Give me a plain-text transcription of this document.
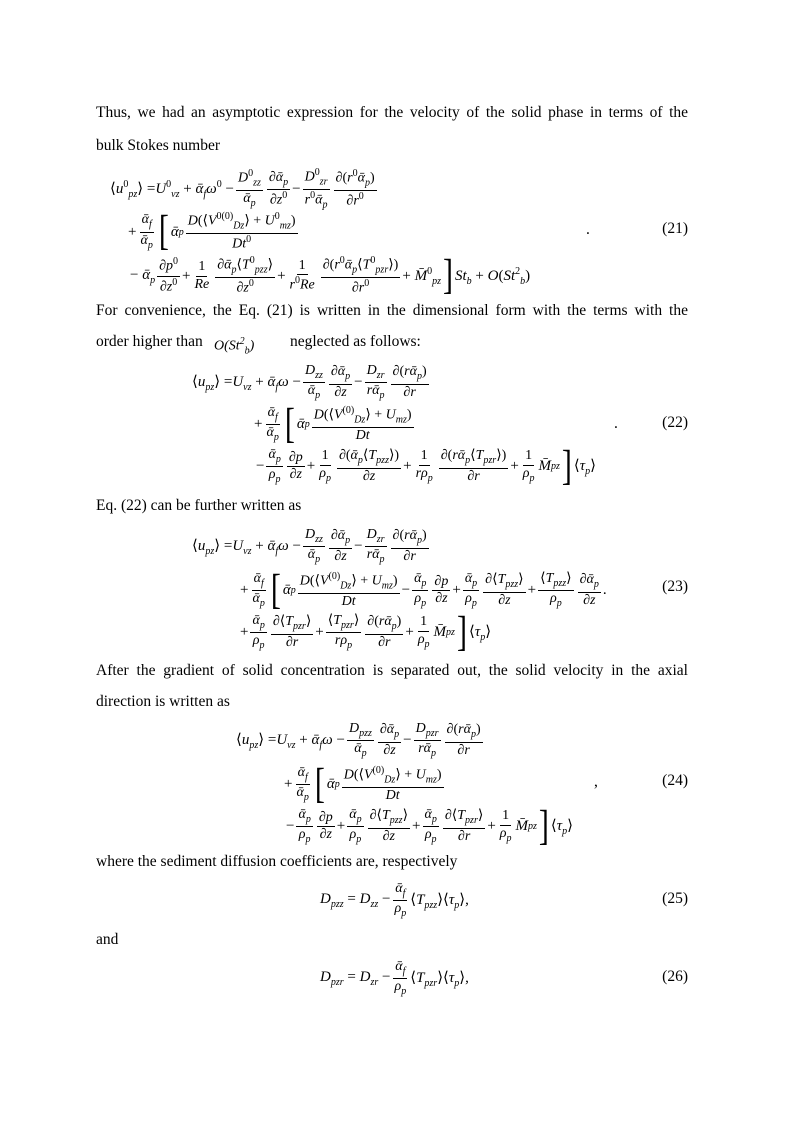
Thus, we had an asymptotic expression for the velocity of the solid phase in terms of the
bulk Stokes number
$⟨u^0_{pz}⟩ =U^0_{vz}$ + $ᾱ_f\omega^0 - \frac{D^0_{zz}}{ᾱ_p} \frac{\partial ᾱ_p}{\partial z^0} - \frac{D^0_{zr}}{r^0ᾱ_p} \frac{\partial(r^0ᾱ_p)}{\partial r^0}$
+ $\frac{ᾱ_f}{ᾱ_p}$ [ ᾱ p $\frac{D(⟨V^{0(0)}_{Dz}⟩ + U^0_{mz})}{Dt^0}$
− ᾱ$_p$ $\frac{\partial p^0}{\partial z^0} + \frac{1}{Re} \frac{\partial ᾱ_p⟨T^0_{pzz}⟩}{\partial z^0} + \frac{1}{r^0Re} \frac{\partial(r^0ᾱ_p⟨T^0_{pzr}⟩)}{\partial r^0}$ + M̄$^0_{pz}$ ] $St_b + O(St^2_b)$
.	(21)
For convenience, the Eq. (21) is written in the dimensional form with the terms with the
order higher than $O(St^2_b)$ neglected as follows:
$⟨u_{pz}⟩ =U_{vz}$ + ᾱ$_f$ω − $\frac{D_{zz}}{ᾱ_p} \frac{\partial ᾱ_p}{\partial z} - \frac{D_{zr}}{rᾱ_p} \frac{\partial(rᾱ_p)}{\partial r}$
+ $\frac{ᾱ_f}{ᾱ_p}$ [ ᾱ p $\frac{D(⟨V^{(0)}_{Dz}⟩ + U_{mz})}{Dt}$
− $\frac{ᾱ_p}{\rho_p} \frac{\partial p}{\partial z} + \frac{1}{\rho_p} \frac{\partial(ᾱ_p⟨T_{pzz}⟩)}{\partial z} + \frac{1}{r\rho_p} \frac{\partial(rᾱ_p⟨T_{pzr}⟩)}{\partial r} + \frac{1}{\rho_p}$ M̄ pz ] $⟨\tau_p⟩$
.	(22)
Eq. (22) can be further written as
$⟨u_{pz}⟩ =U_{vz}$ + ᾱ$_f$ω − $\frac{D_{zz}}{ᾱ_p} \frac{\partial ᾱ_p}{\partial z} - \frac{D_{zr}}{rᾱ_p} \frac{\partial(rᾱ_p)}{\partial r}$
+ $\frac{ᾱ_f}{ᾱ_p}$ [ ᾱ p $\frac{D(⟨V^{(0)}_{Dz}⟩ + U_{mz})}{Dt} - \frac{ᾱ_p}{\rho_p} \frac{\partial p}{\partial z} + \frac{ᾱ_p}{\rho_p} \frac{\partial⟨T_{pzz}⟩}{\partial z} + \frac{⟨T_{pzz}⟩}{\rho_p} \frac{\partial ᾱ_p}{\partial z}$ .
+ $\frac{ᾱ_p}{\rho_p} \frac{\partial⟨T_{pzr}⟩}{\partial r} + \frac{⟨T_{pzr}⟩}{r\rho_p} \frac{\partial(rᾱ_p)}{\partial r} + \frac{1}{\rho_p}$ M̄ pz ] $⟨\tau_p⟩$
(23)
After the gradient of solid concentration is separated out, the solid velocity in the axial
direction is written as
$⟨u_{pz}⟩ =U_{vz}$ + ᾱ$_f$ω − $\frac{D_{pzz}}{ᾱ_p} \frac{\partial ᾱ_p}{\partial z} - \frac{D_{pzr}}{rᾱ_p} \frac{\partial(rᾱ_p)}{\partial r}$
+ $\frac{ᾱ_f}{ᾱ_p}$ [ ᾱ p $\frac{D(⟨V^{(0)}_{Dz}⟩ + U_{mz})}{Dt}$
− $\frac{ᾱ_p}{\rho_p} \frac{\partial p}{\partial z} + \frac{ᾱ_p}{\rho_p} \frac{\partial⟨T_{pzz}⟩}{\partial z} + \frac{ᾱ_p}{\rho_p} \frac{\partial⟨T_{pzr}⟩}{\partial r} + \frac{1}{\rho_p}$ M̄ pz ] $⟨\tau_p⟩$
,	(24)
where the sediment diffusion coefficients are, respectively
$D_{pzz} = D_{zz} - \frac{ᾱ_f}{\rho_p}$ $⟨T_{pzz}⟩⟨\tau_p⟩$,	(25)
and
$D_{pzr} = D_{zr} - \frac{ᾱ_f}{\rho_p}$ $⟨T_{pzr}⟩⟨\tau_p⟩$,	(26)
